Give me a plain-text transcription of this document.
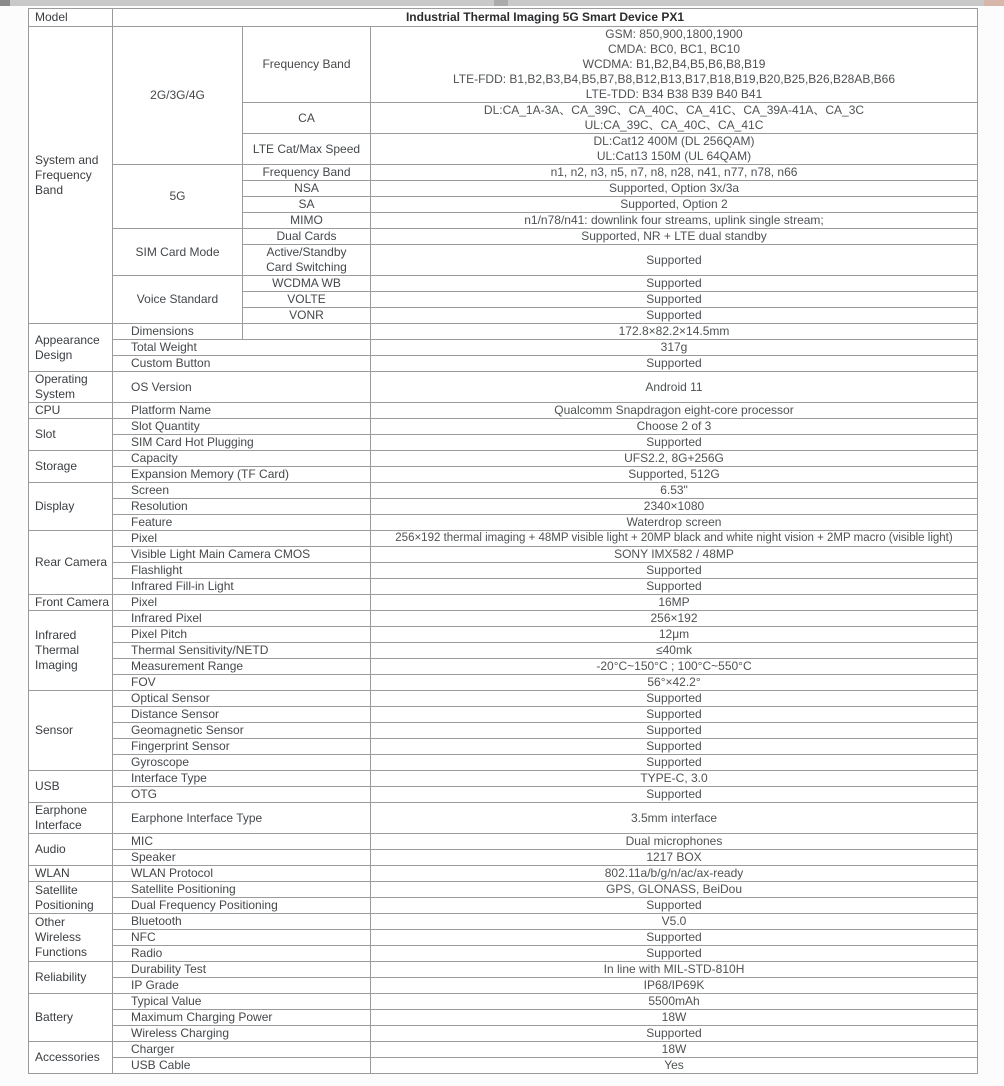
Model	Industrial Thermal Imaging 5G Smart Device PX1		
System and Frequency Band	2G/3G/4G	Frequency Band	GSM: 850,900,1800,1900
CMDA: BC0, BC1, BC10
WCDMA: B1,B2,B4,B5,B6,B8,B19
LTE-FDD: B1,B2,B3,B4,B5,B7,B8,B12,B13,B17,B18,B19,B20,B25,B26,B28AB,B66
LTE-TDD: B34 B38 B39 B40 B41

		CA	DL:CA_1A-3A、CA_39C、CA_40C、CA_41C、CA_39A-41A、CA_3C
UL:CA_39C、CA_40C、CA_41C

		LTE Cat/Max Speed	DL:Cat12 400M (DL 256QAM)
UL:Cat13 150M (UL 64QAM)

	5G	Frequency Band	n1, n2, n3, n5, n7, n8, n28, n41, n77, n78, n66
		NSA	Supported, Option 3x/3a
		SA	Supported, Option 2
		MIMO	n1/n78/n41: downlink four streams, uplink single stream;
	SIM Card Mode	Dual Cards	Supported, NR + LTE dual standby

		Active/Standby
Card Switching	Supported
	Voice Standard	WCDMA WB	Supported
		VOLTE	Supported
		VONR	Supported
Appearance Design	Dimensions		172.8×82.2×14.5mm
	Total Weight		317g
	Custom Button		Supported
Operating System	OS Version		Android 11
CPU	Platform Name		Qualcomm Snapdragon eight-core processor
Slot	Slot Quantity		Choose 2 of 3
	SIM Card Hot Plugging		Supported
Storage	Capacity		UFS2.2, 8G+256G
	Expansion Memory (TF Card)		Supported, 512G
Display	Screen		6.53"
	Resolution		2340×1080
	Feature		Waterdrop screen
Rear Camera	Pixel		256×192 thermal imaging + 48MP visible light + 20MP black and white night vision + 2MP macro (visible light)
	Visible Light Main Camera CMOS		SONY IMX582 / 48MP
	Flashlight		Supported
	Infrared Fill-in Light		Supported
Front Camera	Pixel		16MP
Infrared Thermal Imaging	Infrared Pixel		256×192
	Pixel Pitch		12μm
	Thermal Sensitivity/NETD		≤40mk
	Measurement Range		-20°C~150°C ; 100°C~550°C
	FOV		56°×42.2°
Sensor	Optical Sensor		Supported
	Distance Sensor		Supported
	Geomagnetic Sensor		Supported
	Fingerprint Sensor		Supported
	Gyroscope		Supported
USB	Interface Type		TYPE-C, 3.0
	OTG		Supported
Earphone Interface	Earphone Interface Type		3.5mm interface
Audio	MIC		Dual microphones
	Speaker		1217 BOX
WLAN	WLAN Protocol		802.11a/b/g/n/ac/ax-ready
Satellite Positioning	Satellite Positioning		GPS, GLONASS, BeiDou
	Dual Frequency Positioning		Supported
Other Wireless Functions	Bluetooth		V5.0
	NFC		Supported
	Radio		Supported
Reliability	Durability Test		In line with MIL-STD-810H
	IP Grade		IP68/IP69K
Battery	Typical Value		5500mAh
	Maximum Charging Power		18W
	Wireless Charging		Supported
Accessories	Charger		18W
	USB Cable		Yes
